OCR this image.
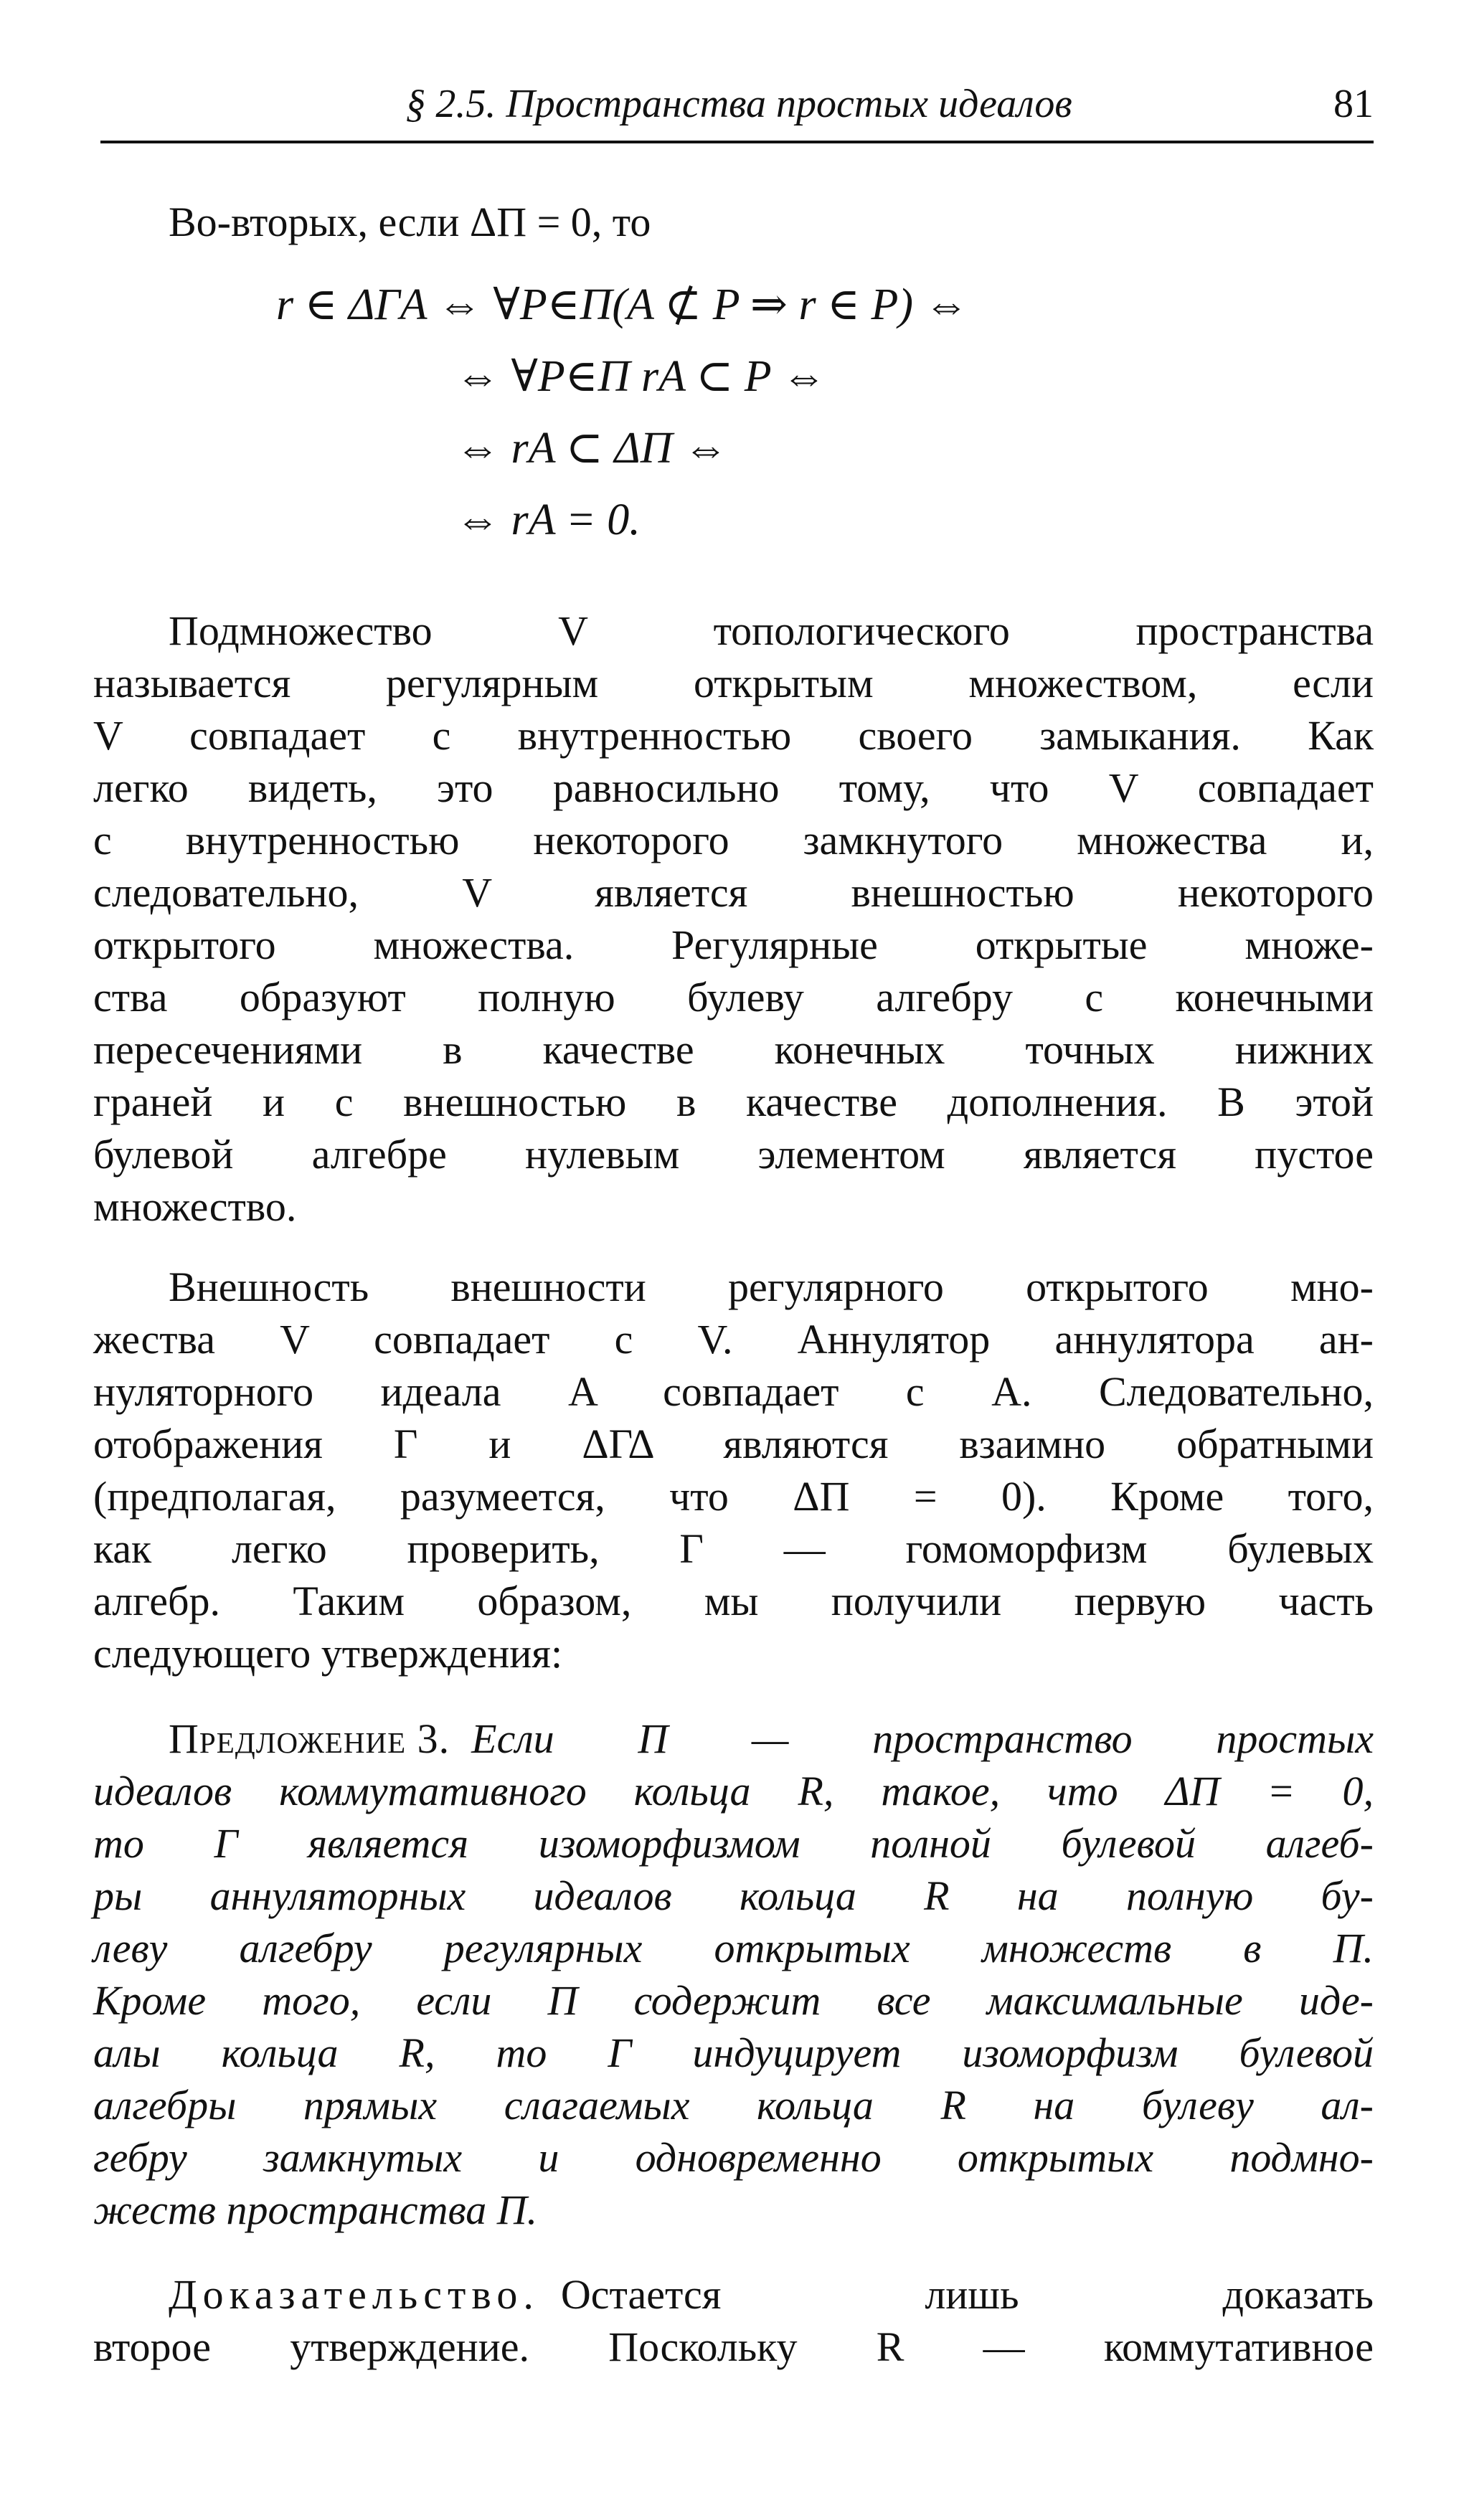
§ 2.5. Пространства простых идеалов	81
Во-вторых, если ΔΠ = 0, то
r ∈ ΔΓA ⇔ ∀P∈Π(A ⊄ P ⇒ r ∈ P) ⇔
⇔ ∀P∈Π rA ⊂ P ⇔
⇔ rA ⊂ ΔΠ ⇔
⇔ rA = 0.
Подмножество V топологического пространства
называется регулярным открытым множеством, если
V совпадает с внутренностью своего замыкания. Как
легко видеть, это равносильно тому, что V совпадает
с внутренностью некоторого замкнутого множества и,
следовательно, V является внешностью некоторого
открытого множества. Регулярные открытые множе-
ства образуют полную булеву алгебру с конечными
пересечениями в качестве конечных точных нижних
граней и с внешностью в качестве дополнения. В этой
булевой алгебре нулевым элементом является пустое
множество.
Внешность внешности регулярного открытого мно-
жества V совпадает с V. Аннулятор аннулятора ан-
нуляторного идеала A совпадает с A. Следовательно,
отображения Γ и ΔΓΔ являются взаимно обратными
(предполагая, разумеется, что ΔΠ = 0). Кроме того,
как легко проверить, Γ — гомоморфизм булевых
алгебр. Таким образом, мы получили первую часть
следующего утверждения:
Предложение 3. Если Π — пространство простых
идеалов коммутативного кольца R, такое, что ΔΠ = 0,
то Γ является изоморфизмом полной булевой алгеб-
ры аннуляторных идеалов кольца R на полную бу-
леву алгебру регулярных открытых множеств в Π.
Кроме того, если Π содержит все максимальные иде-
алы кольца R, то Γ индуцирует изоморфизм булевой
алгебры прямых слагаемых кольца R на булеву ал-
гебру замкнутых и одновременно открытых подмно-
жеств пространства Π.
Доказательство. Остается лишь доказать
второе утверждение. Поскольку R — коммутативное
